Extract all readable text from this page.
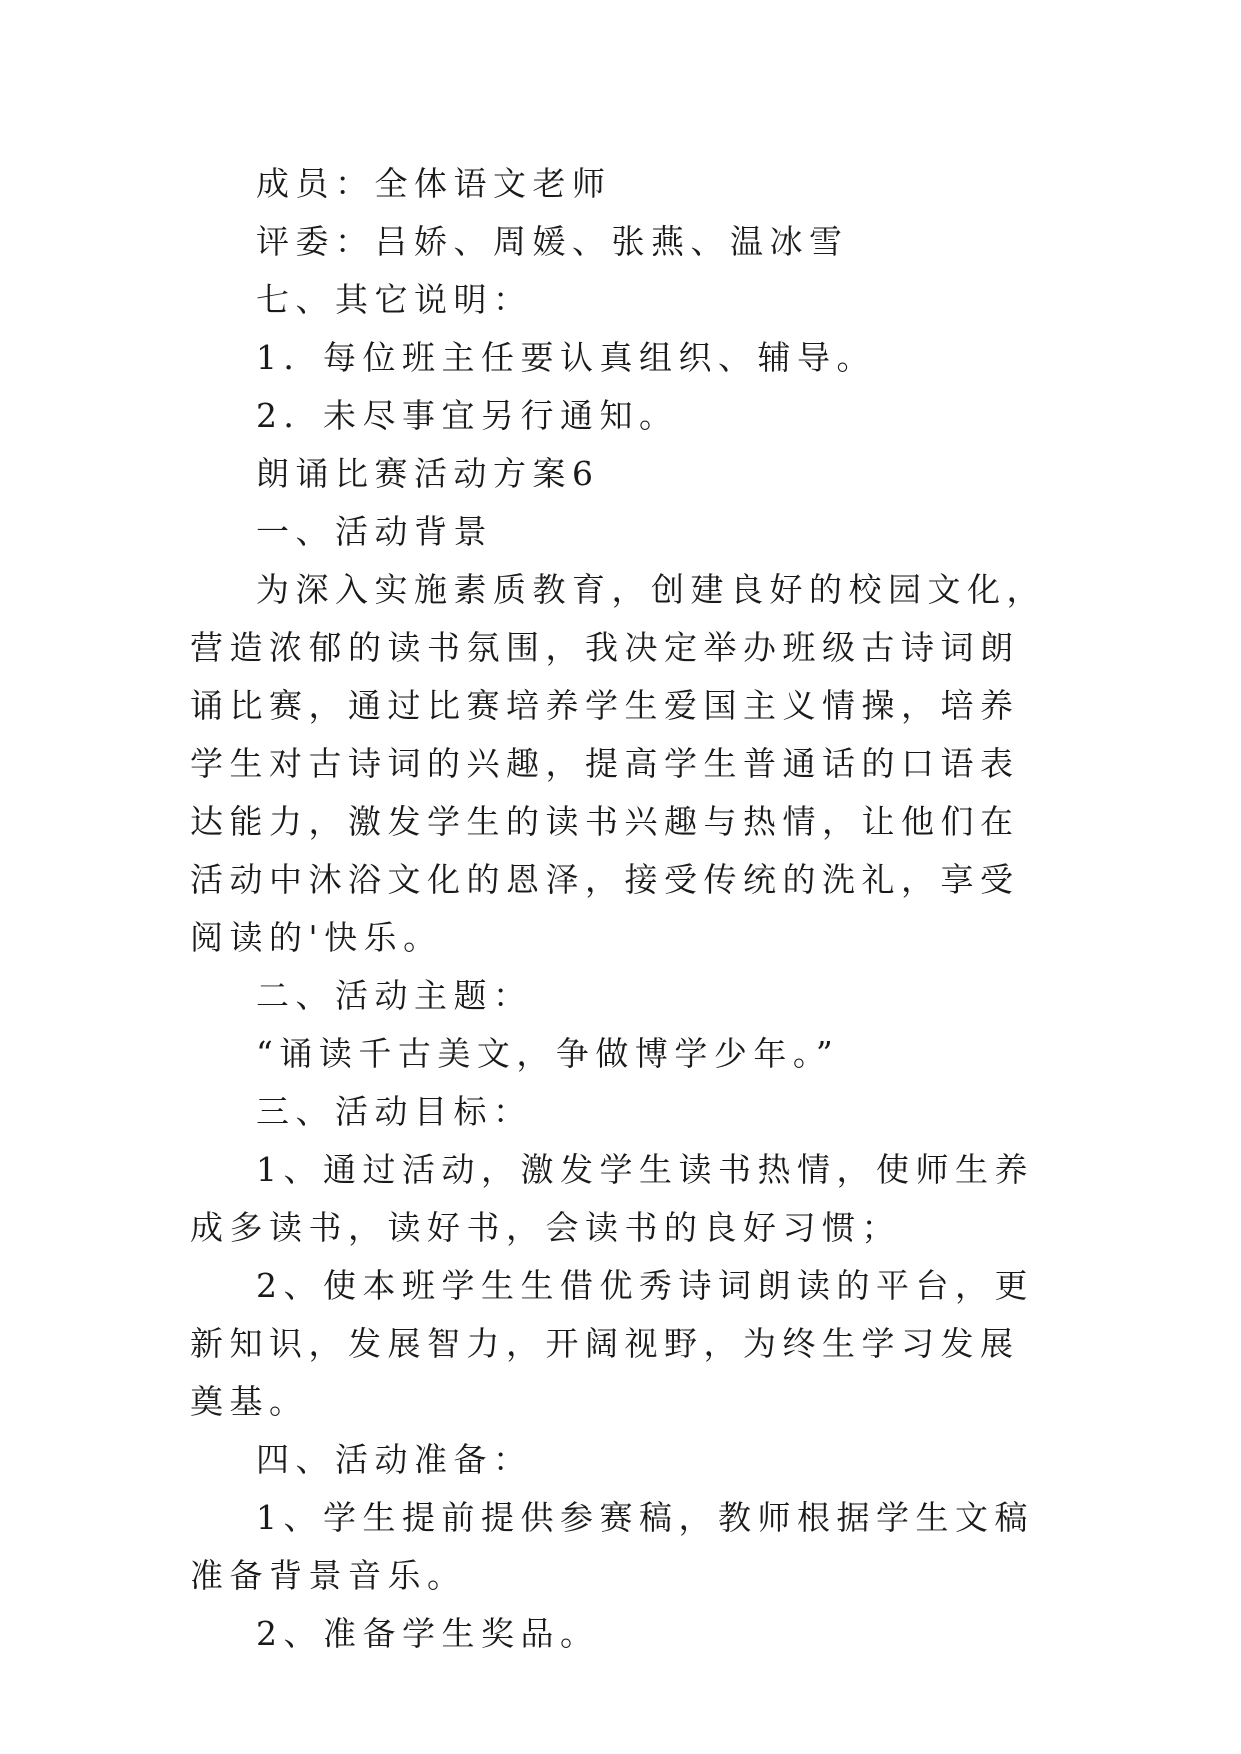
成员：全体语文老师

评委：吕娇、周媛、张燕、温冰雪

七、其它说明：

1．每位班主任要认真组织、辅导。

2．未尽事宜另行通知。

朗诵比赛活动方案6

一、活动背景

为深入实施素质教育，创建良好的校园文化，营造浓郁的读书氛围，我决定举办班级古诗词朗诵比赛，通过比赛培养学生爱国主义情操，培养学生对古诗词的兴趣，提高学生普通话的口语表达能力，激发学生的读书兴趣与热情，让他们在活动中沐浴文化的恩泽，接受传统的洗礼，享受阅读的'快乐。

二、活动主题：

“诵读千古美文，争做博学少年。”

三、活动目标：

1、通过活动，激发学生读书热情，使师生养成多读书，读好书，会读书的良好习惯；

2、使本班学生生借优秀诗词朗读的平台，更新知识，发展智力，开阔视野，为终生学习发展奠基。

四、活动准备：

1、学生提前提供参赛稿，教师根据学生文稿准备背景音乐。

2、准备学生奖品。
